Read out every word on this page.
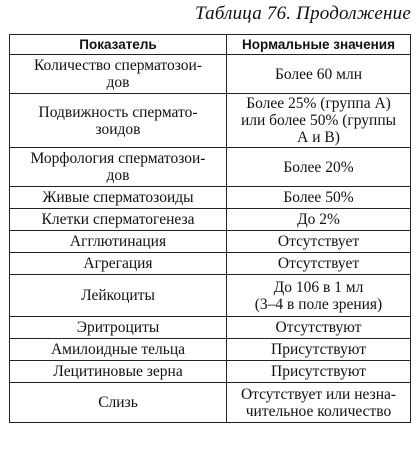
Таблица 76. Продолжение
Показатель	Нормальные значения

Количество сперматозои-
дов	Более 60 млн

Подвижность спермато-
зоидов	Более 25% (группа А)
или более 50% (группы
А и В)

Морфология сперматозои-
дов	Более 20%

Живые сперматозоиды	Более 50%

Клетки сперматогенеза	До 2%

Агглютинация	Отсутствует

Агрегация	Отсутствует

Лейкоциты	До 106 в 1 мл
(3–4 в поле зрения)

Эритроциты	Отсутствуют

Амилоидные тельца	Присутствуют

Лецитиновые зерна	Присутствуют

Слизь	Отсутствует или незна-
чительное количество
